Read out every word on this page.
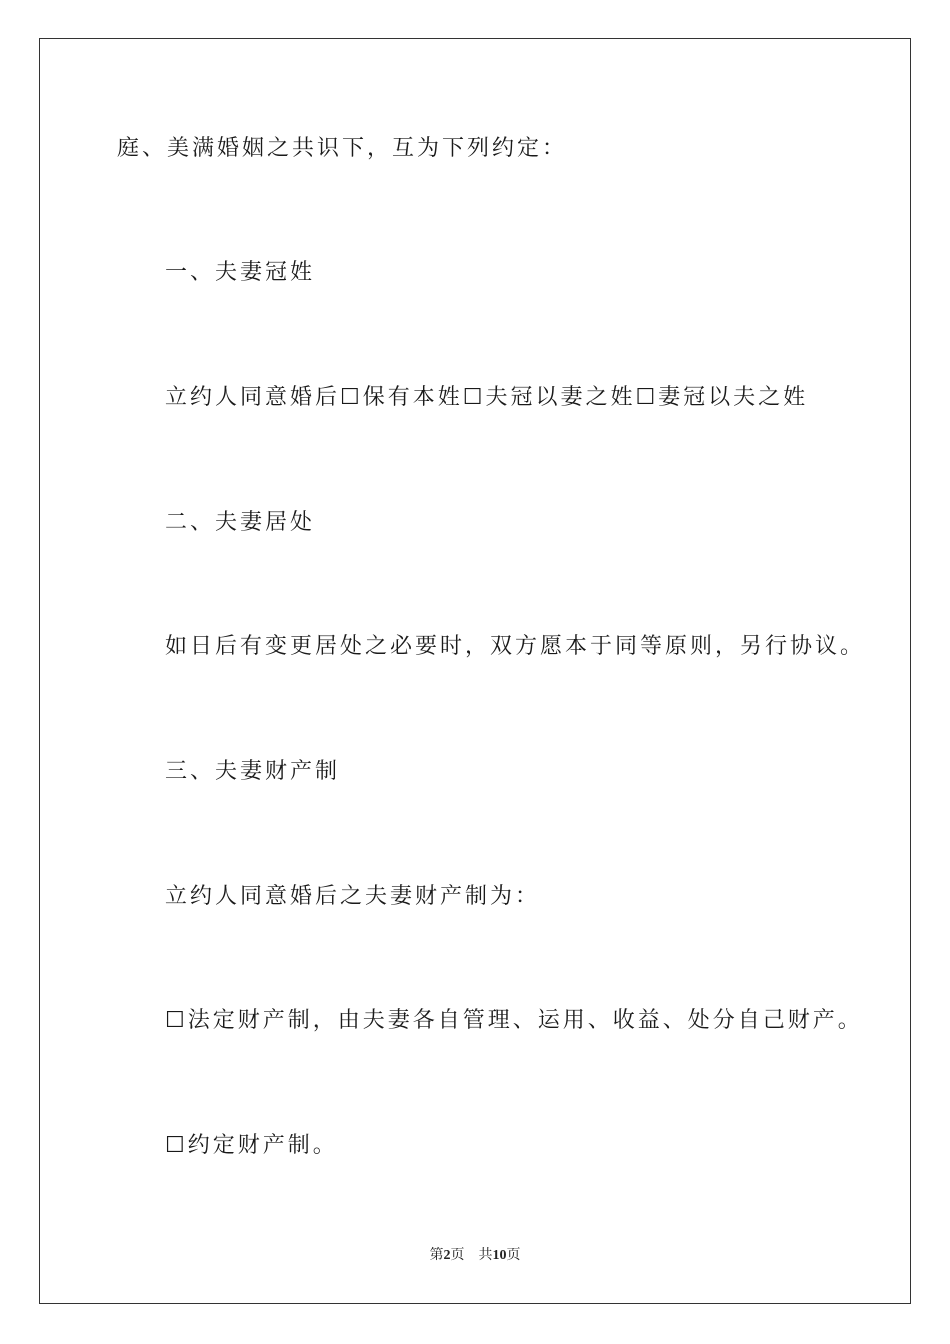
庭、美满婚姻之共识下，互为下列约定：
一、夫妻冠姓
立约人同意婚后☐保有本姓☐夫冠以妻之姓☐妻冠以夫之姓
二、夫妻居处
如日后有变更居处之必要时，双方愿本于同等原则，另行协议。
三、夫妻财产制
立约人同意婚后之夫妻财产制为：
☐法定财产制，由夫妻各自管理、运用、收益、处分自己财产。
☐约定财产制。
第2页 共10页
